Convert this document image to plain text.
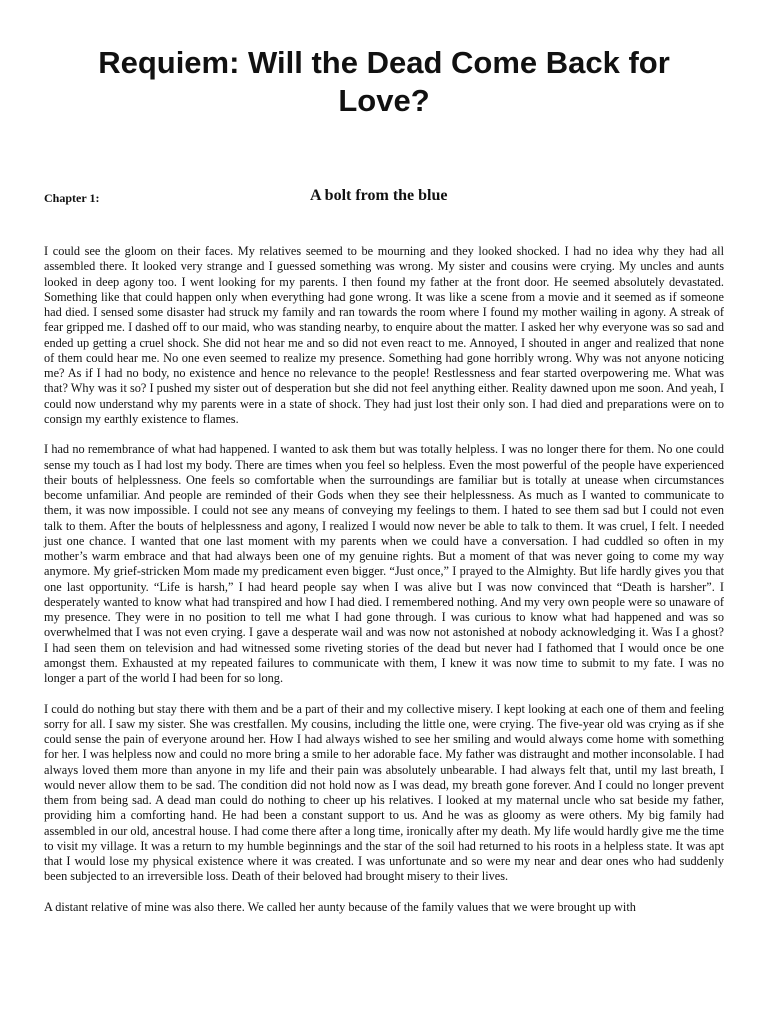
Requiem: Will the Dead Come Back for Love?
Chapter 1:	A bolt from the blue

I could see the gloom on their faces. My relatives seemed to be mourning and they looked shocked. I had no idea why they had all assembled there. It looked very strange and I guessed something was wrong. My sister and cousins were crying. My uncles and aunts looked in deep agony too. I went looking for my parents. I then found my father at the front door. He seemed absolutely devastated. Something like that could happen only when everything had gone wrong. It was like a scene from a movie and it seemed as if someone had died. I sensed some disaster had struck my family and ran towards the room where I found my mother wailing in agony. A streak of fear gripped me. I dashed off to our maid, who was standing nearby, to enquire about the matter. I asked her why everyone was so sad and ended up getting a cruel shock. She did not hear me and so did not even react to me. Annoyed, I shouted in anger and realized that none of them could hear me. No one even seemed to realize my presence. Something had gone horribly wrong. Why was not anyone noticing me? As if I had no body, no existence and hence no relevance to the people! Restlessness and fear started overpowering me. What was that? Why was it so? I pushed my sister out of desperation but she did not feel anything either. Reality dawned upon me soon. And yeah, I could now understand why my parents were in a state of shock. They had just lost their only son. I had died and preparations were on to consign my earthly existence to flames.

I had no remembrance of what had happened. I wanted to ask them but was totally helpless. I was no longer there for them. No one could sense my touch as I had lost my body. There are times when you feel so helpless. Even the most powerful of the people have experienced their bouts of helplessness. One feels so comfortable when the surroundings are familiar but is totally at unease when circumstances become unfamiliar. And people are reminded of their Gods when they see their helplessness. As much as I wanted to communicate to them, it was now impossible. I could not see any means of conveying my feelings to them. I hated to see them sad but I could not even talk to them. After the bouts of helplessness and agony, I realized I would now never be able to talk to them. It was cruel, I felt. I needed just one chance. I wanted that one last moment with my parents when we could have a conversation. I had cuddled so often in my mother’s warm embrace and that had always been one of my genuine rights. But a moment of that was never going to come my way anymore. My grief-stricken Mom made my predicament even bigger. “Just once,” I prayed to the Almighty. But life hardly gives you that one last opportunity. “Life is harsh,” I had heard people say when I was alive but I was now convinced that “Death is harsher”. I desperately wanted to know what had transpired and how I had died. I remembered nothing. And my very own people were so unaware of my presence. They were in no position to tell me what I had gone through. I was curious to know what had happened and was so overwhelmed that I was not even crying. I gave a desperate wail and was now not astonished at nobody acknowledging it. Was I a ghost? I had seen them on television and had witnessed some riveting stories of the dead but never had I fathomed that I would once be one amongst them. Exhausted at my repeated failures to communicate with them, I knew it was now time to submit to my fate. I was no longer a part of the world I had been for so long.

I could do nothing but stay there with them and be a part of their and my collective misery. I kept looking at each one of them and feeling sorry for all. I saw my sister. She was crestfallen. My cousins, including the little one, were crying. The five-year old was crying as if she could sense the pain of everyone around her. How I had always wished to see her smiling and would always come home with something for her. I was helpless now and could no more bring a smile to her adorable face. My father was distraught and mother inconsolable. I had always loved them more than anyone in my life and their pain was absolutely unbearable. I had always felt that, until my last breath, I would never allow them to be sad. The condition did not hold now as I was dead, my breath gone forever. And I could no longer prevent them from being sad. A dead man could do nothing to cheer up his relatives. I looked at my maternal uncle who sat beside my father, providing him a comforting hand. He had been a constant support to us. And he was as gloomy as were others. My big family had assembled in our old, ancestral house. I had come there after a long time, ironically after my death. My life would hardly give me the time to visit my village. It was a return to my humble beginnings and the star of the soil had returned to his roots in a helpless state. It was apt that I would lose my physical existence where it was created. I was unfortunate and so were my near and dear ones who had suddenly been subjected to an irreversible loss. Death of their beloved had brought misery to their lives.

A distant relative of mine was also there. We called her aunty because of the family values that we were brought up with
